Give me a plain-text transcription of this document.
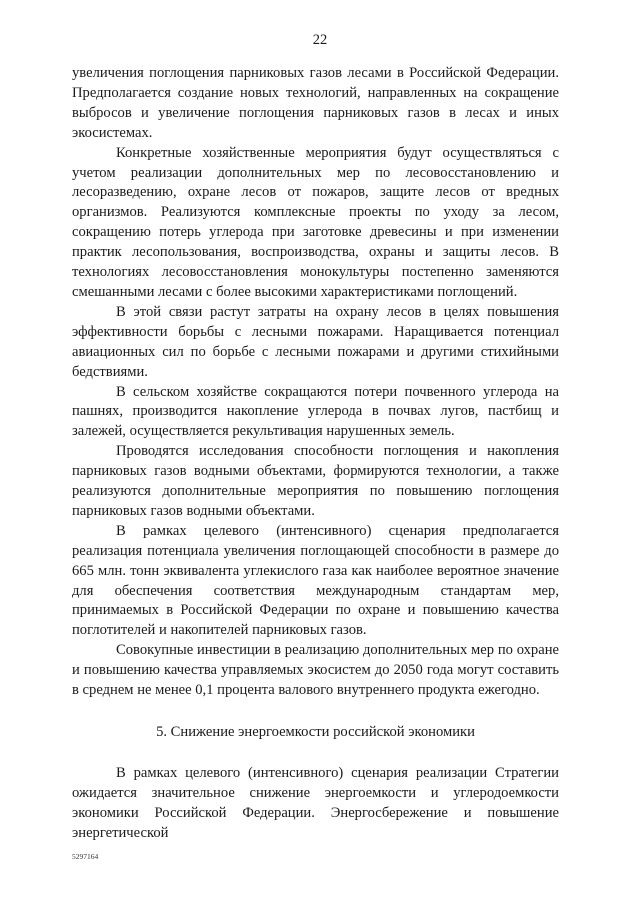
22

увеличения поглощения парниковых газов лесами в Российской Федерации. Предполагается создание новых технологий, направленных на сокращение выбросов и увеличение поглощения парниковых газов в лесах и иных экосистемах.

Конкретные хозяйственные мероприятия будут осуществляться с учетом реализации дополнительных мер по лесовосстановлению и лесоразведению, охране лесов от пожаров, защите лесов от вредных организмов. Реализуются комплексные проекты по уходу за лесом, сокращению потерь углерода при заготовке древесины и при изменении практик лесопользования, воспроизводства, охраны и защиты лесов. В технологиях лесовосстановления монокультуры постепенно заменяются смешанными лесами с более высокими характеристиками поглощений.

В этой связи растут затраты на охрану лесов в целях повышения эффективности борьбы с лесными пожарами. Наращивается потенциал авиационных сил по борьбе с лесными пожарами и другими стихийными бедствиями.

В сельском хозяйстве сокращаются потери почвенного углерода на пашнях, производится накопление углерода в почвах лугов, пастбищ и залежей, осуществляется рекультивация нарушенных земель.

Проводятся исследования способности поглощения и накопления парниковых газов водными объектами, формируются технологии, а также реализуются дополнительные мероприятия по повышению поглощения парниковых газов водными объектами.

В рамках целевого (интенсивного) сценария предполагается реализация потенциала увеличения поглощающей способности в размере до 665 млн. тонн эквивалента углекислого газа как наиболее вероятное значение для обеспечения соответствия международным стандартам мер, принимаемых в Российской Федерации по охране и повышению качества поглотителей и накопителей парниковых газов.

Совокупные инвестиции в реализацию дополнительных мер по охране и повышению качества управляемых экосистем до 2050 года могут составить в среднем не менее 0,1 процента валового внутреннего продукта ежегодно.

5. Снижение энергоемкости российской экономики

В рамках целевого (интенсивного) сценария реализации Стратегии ожидается значительное снижение энергоемкости и углеродоемкости экономики Российской Федерации. Энергосбережение и повышение энергетической

5297164
